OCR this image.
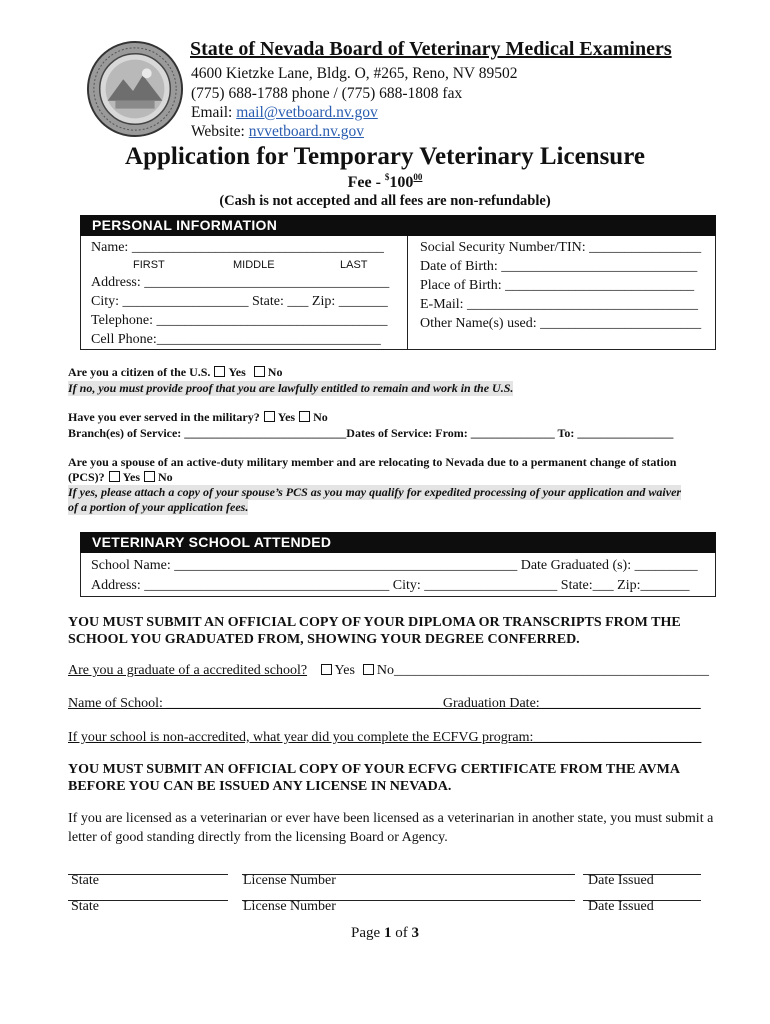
State of Nevada Board of Veterinary Medical Examiners
4600 Kietzke Lane, Bldg. O, #265, Reno, NV 89502
(775) 688-1788 phone / (775) 688-1808 fax
Email: mail@vetboard.nv.gov
Website: nvvetboard.nv.gov
Application for Temporary Veterinary Licensure
Fee - $^{\$}100^{00}$
(Cash is not accepted and all fees are non-refundable)
PERSONAL INFORMATION
Name: ____________________________________
FIRST	MIDDLE	LAST
Address: ___________________________________
City: __________________ State: ___ Zip: _______
Telephone: _________________________________
Cell Phone:________________________________
Social Security Number/TIN: ________________
Date of Birth: ____________________________
Place of Birth: ___________________________
E-Mail: _________________________________
Other Name(s) used: _______________________
Are you a citizen of the U.S. Yes No
If no, you must provide proof that you are lawfully entitled to remain and work in the U.S.
Have you ever served in the military? Yes No
Branch(es) of Service: ___________________________Dates of Service: From: ______________ To: ________________
Are you a spouse of an active-duty military member and are relocating to Nevada due to a permanent change of station
(PCS)? Yes No
If yes, please attach a copy of your spouse’s PCS as you may qualify for expedited processing of your application and waiver
of a portion of your application fees.
VETERINARY SCHOOL ATTENDED
School Name: _________________________________________________ Date Graduated (s): _________
Address: ___________________________________ City: ___________________ State:___ Zip:_______
YOU MUST SUBMIT AN OFFICIAL COPY OF YOUR DIPLOMA OR TRANSCRIPTS FROM THE SCHOOL YOU GRADUATED FROM, SHOWING YOUR DEGREE CONFERRED.
Are you a graduate of a accredited school? Yes No_____________________________________________
Name of School: _______________________________________ Graduation Date:_______________________
If your school is non-accredited, what year did you complete the ECFVG program:________________________
YOU MUST SUBMIT AN OFFICIAL COPY OF YOUR ECFVG CERTIFICATE FROM THE AVMA BEFORE YOU CAN BE ISSUED ANY LICENSE IN NEVADA.
If you are licensed as a veterinarian or ever have been licensed as a veterinarian in another state, you must submit a letter of good standing directly from the licensing Board or Agency.
State	License Number	Date Issued
State	License Number	Date Issued
Page 1 of 3
